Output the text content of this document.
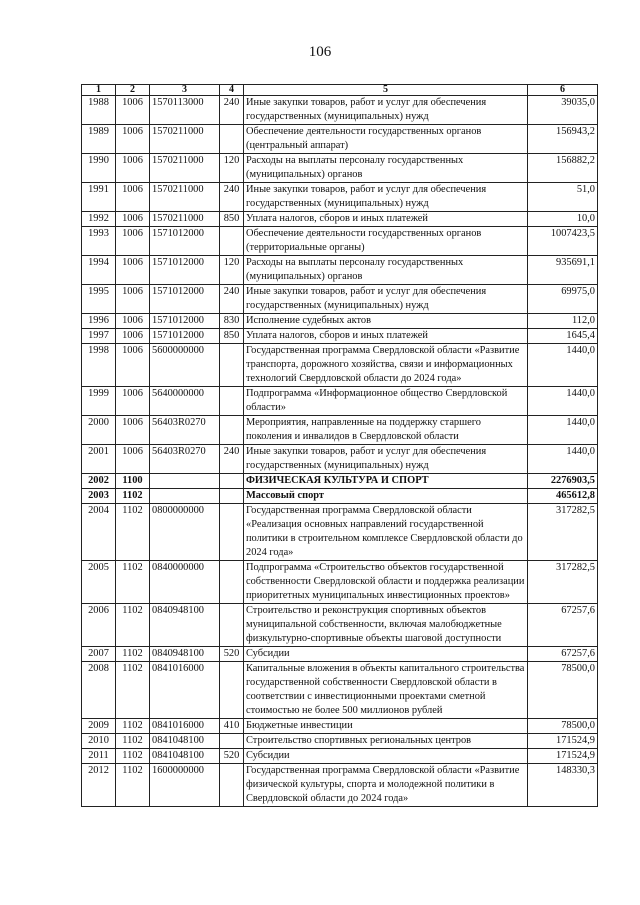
106
1	2	3	4	5	6
1988	1006	1570113000	240	Иные закупки товаров, работ и услуг для обеспечения государственных (муниципальных) нужд	39035,0
1989	1006	1570211000		Обеспечение деятельности государственных органов (центральный аппарат)	156943,2
1990	1006	1570211000	120	Расходы на выплаты персоналу государственных (муниципальных) органов	156882,2
1991	1006	1570211000	240	Иные закупки товаров, работ и услуг для обеспечения государственных (муниципальных) нужд	51,0
1992	1006	1570211000	850	Уплата налогов, сборов и иных платежей	10,0
1993	1006	1571012000		Обеспечение деятельности государственных органов (территориальные органы)	1007423,5
1994	1006	1571012000	120	Расходы на выплаты персоналу государственных (муниципальных) органов	935691,1
1995	1006	1571012000	240	Иные закупки товаров, работ и услуг для обеспечения государственных (муниципальных) нужд	69975,0
1996	1006	1571012000	830	Исполнение судебных актов	112,0
1997	1006	1571012000	850	Уплата налогов, сборов и иных платежей	1645,4
1998	1006	5600000000		Государственная программа Свердловской области «Развитие транспорта, дорожного хозяйства, связи и информационных технологий Свердловской области до 2024 года»	1440,0
1999	1006	5640000000		Подпрограмма «Информационное общество Свердловской области»	1440,0
2000	1006	56403R0270		Мероприятия, направленные на поддержку старшего поколения и инвалидов в Свердловской области	1440,0
2001	1006	56403R0270	240	Иные закупки товаров, работ и услуг для обеспечения государственных (муниципальных) нужд	1440,0
2002	1100			ФИЗИЧЕСКАЯ КУЛЬТУРА И СПОРТ	2276903,5
2003	1102			Массовый спорт	465612,8
2004	1102	0800000000		Государственная программа Свердловской области «Реализация основных направлений государственной политики в строительном комплексе Свердловской области до 2024 года»	317282,5
2005	1102	0840000000		Подпрограмма «Строительство объектов государственной собственности Свердловской области и поддержка реализации приоритетных муниципальных инвестиционных проектов»	317282,5
2006	1102	0840948100		Строительство и реконструкция спортивных объектов муниципальной собственности, включая малобюджетные физкультурно-спортивные объекты шаговой доступности	67257,6
2007	1102	0840948100	520	Субсидии	67257,6
2008	1102	0841016000		Капитальные вложения в объекты капитального строительства государственной собственности Свердловской области в соответствии с инвестиционными проектами сметной стоимостью не более 500 миллионов рублей	78500,0
2009	1102	0841016000	410	Бюджетные инвестиции	78500,0
2010	1102	0841048100		Строительство спортивных региональных центров	171524,9
2011	1102	0841048100	520	Субсидии	171524,9
2012	1102	1600000000		Государственная программа Свердловской области «Развитие физической культуры, спорта и молодежной политики в Свердловской области до 2024 года»	148330,3
